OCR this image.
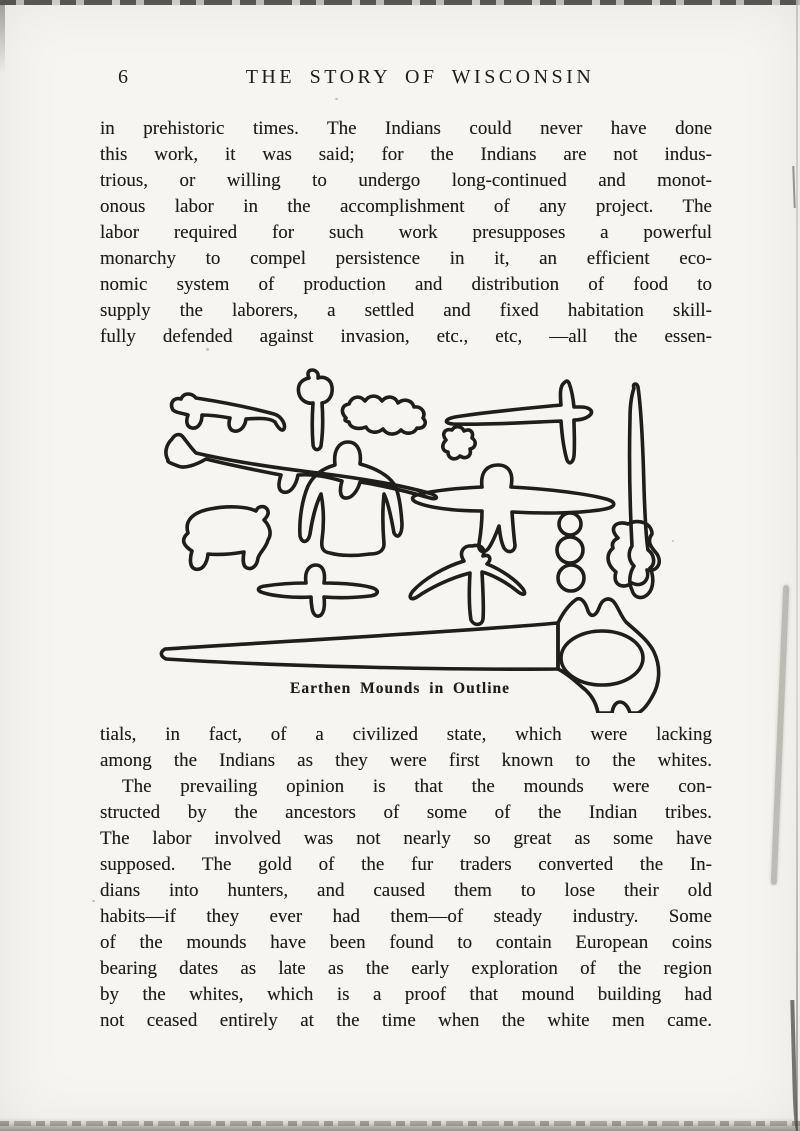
6	THE STORY OF WISCONSIN
in prehistoric times. The Indians could never have done
this work, it was said; for the Indians are not indus-
trious, or willing to undergo long-continued and monot-
onous labor in the accomplishment of any project. The
labor required for such work presupposes a powerful
monarchy to compel persistence in it, an efficient eco-
nomic system of production and distribution of food to
supply the laborers, a settled and fixed habitation skill-
fully defended against invasion, etc., etc, —all the essen-
Earthen Mounds in Outline
tials, in fact, of a civilized state, which were lacking
among the Indians as they were first known to the whites.
The prevailing opinion is that the mounds were con-
structed by the ancestors of some of the Indian tribes.
The labor involved was not nearly so great as some have
supposed. The gold of the fur traders converted the In-
dians into hunters, and caused them to lose their old
habits—if they ever had them—of steady industry. Some
of the mounds have been found to contain European coins
bearing dates as late as the early exploration of the region
by the whites, which is a proof that mound building had
not ceased entirely at the time when the white men came.
